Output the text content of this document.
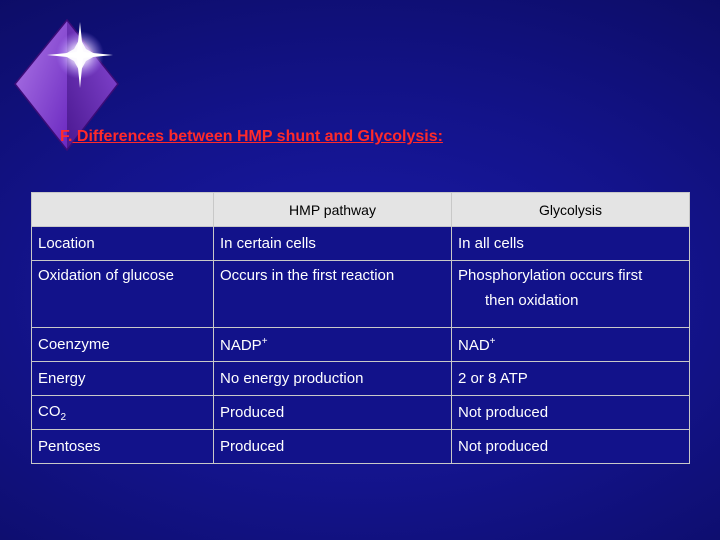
F. Differences between HMP shunt and Glycolysis:
	HMP pathway	Glycolysis
Location	In certain cells	In all cells
Oxidation of glucose	Occurs in the first reaction	Phosphorylation occurs first
then oxidation

Coenzyme	NADP+	NAD+
Energy	No energy production	2 or 8 ATP
$CO_2$	Produced	Not produced
Pentoses	Produced	Not produced
